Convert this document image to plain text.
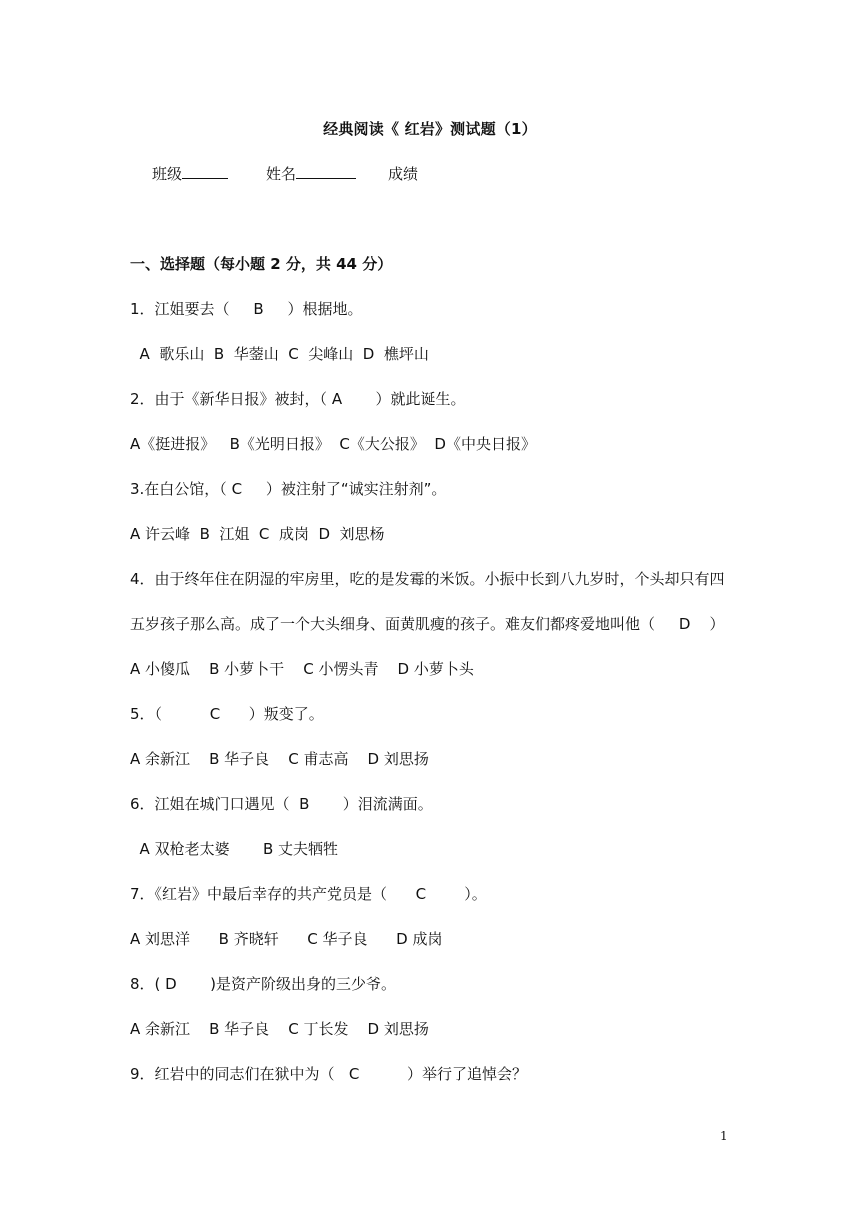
经典阅读《 红岩》测试题（1）
班级	姓名	成绩
一、选择题（每小题 2 分，共 44 分）
1．江姐要去（     B     ）根据地。
A  歌乐山  B  华蓥山  C  尖峰山  D  樵坪山
2．由于《新华日报》被封，（ A       ）就此诞生。
A《挺进报》   B《光明日报》  C《大公报》  D《中央日报》
3.在白公馆，（ C     ）被注射了“诚实注射剂”。
A 许云峰  B  江姐  C  成岗  D  刘思杨
4．由于终年住在阴湿的牢房里，吃的是发霉的米饭。小振中长到八九岁时，个头却只有四
五岁孩子那么高。成了一个大头细身、面黄肌瘦的孩子。难友们都疼爱地叫他（     D    ）
A 小傻瓜    B 小萝卜干    C 小愣头青    D 小萝卜头
5．（          C      ）叛变了。
A 余新江    B 华子良    C 甫志高    D 刘思扬
6．江姐在城门口遇见（  B       ）泪流满面。
A 双枪老太婆       B 丈夫牺牲
7．《红岩》中最后幸存的共产党员是（      C        ）。
A 刘思洋      B 齐晓轩      C 华子良      D 成岗
8．( D       )是资产阶级出身的三少爷。
A 余新江    B 华子良    C 丁长发    D 刘思扬
9．红岩中的同志们在狱中为（   C          ）举行了追悼会？
1
